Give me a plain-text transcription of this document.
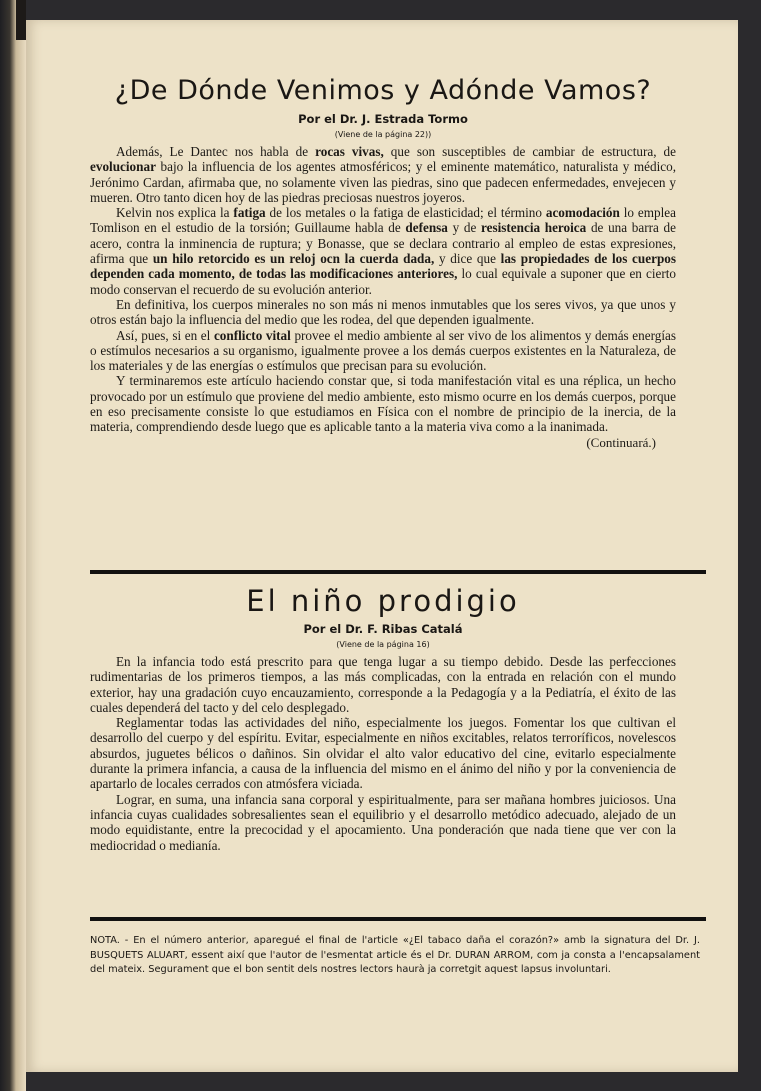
¿De Dónde Venimos y Adónde Vamos?

Por el Dr. J. Estrada Tormo

(Viene de la página 22))

Además, Le Dantec nos habla de rocas vivas, que son susceptibles de cambiar de estructura, de evolucionar bajo la influencia de los agentes atmosféricos; y el eminente matemático, naturalista y médico, Jerónimo Cardan, afirmaba que, no solamente viven las piedras, sino que padecen enfermedades, envejecen y mueren. Otro tanto dicen hoy de las piedras preciosas nuestros joyeros.

Kelvin nos explica la fatiga de los metales o la fatiga de elasticidad; el término acomodación lo emplea Tomlison en el estudio de la torsión; Guillaume habla de defensa y de resistencia heroica de una barra de acero, contra la inminencia de ruptura; y Bonasse, que se declara contrario al empleo de estas expresiones, afirma que un hilo retorcido es un reloj ocn la cuerda dada, y dice que las propiedades de los cuerpos dependen cada momento, de todas las modificaciones anteriores, lo cual equivale a suponer que en cierto modo conservan el recuerdo de su evolución anterior.

En definitiva, los cuerpos minerales no son más ni menos inmutables que los seres vivos, ya que unos y otros están bajo la influencia del medio que les rodea, del que dependen igualmente.

Así, pues, si en el conflicto vital provee el medio ambiente al ser vivo de los alimentos y demás energías o estímulos necesarios a su organismo, igualmente provee a los demás cuerpos existentes en la Naturaleza, de los materiales y de las energías o estímulos que precisan para su evolución.

Y terminaremos este artículo haciendo constar que, si toda manifestación vital es una réplica, un hecho provocado por un estímulo que proviene del medio ambiente, esto mismo ocurre en los demás cuerpos, porque en eso precisamente consiste lo que estudiamos en Física con el nombre de principio de la inercia, de la materia, comprendiendo desde luego que es aplicable tanto a la materia viva como a la inanimada.

(Continuará.)

El niño prodigio

Por el Dr. F. Ribas Catalá

(Viene de la página 16)

En la infancia todo está prescrito para que tenga lugar a su tiempo debido. Desde las perfecciones rudimentarias de los primeros tiempos, a las más complicadas, con la entrada en relación con el mundo exterior, hay una gradación cuyo encauzamiento, corresponde a la Pedagogía y a la Pediatría, el éxito de las cuales dependerá del tacto y del celo desplegado.

Reglamentar todas las actividades del niño, especialmente los juegos. Fomentar los que cultivan el desarrollo del cuerpo y del espíritu. Evitar, especialmente en niños excitables, relatos terroríficos, novelescos absurdos, juguetes bélicos o dañinos. Sin olvidar el alto valor educativo del cine, evitarlo especialmente durante la primera infancia, a causa de la influencia del mismo en el ánimo del niño y por la conveniencia de apartarlo de locales cerrados con atmósfera viciada.

Lograr, en suma, una infancia sana corporal y espiritualmente, para ser mañana hombres juiciosos. Una infancia cuyas cualidades sobresalientes sean el equilibrio y el desarrollo metódico adecuado, alejado de un modo equidistante, entre la precocidad y el apocamiento. Una ponderación que nada tiene que ver con la mediocridad o medianía.

NOTA. - En el número anterior, aparegué el final de l'article «¿El tabaco daña el corazón?» amb la signatura del Dr. J. BUSQUETS ALUART, essent així que l'autor de l'esmentat article és el Dr. DURAN ARROM, com ja consta a l'encapsalament del mateix. Segurament que el bon sentit dels nostres lectors haurà ja corretgit aquest lapsus involuntari.
